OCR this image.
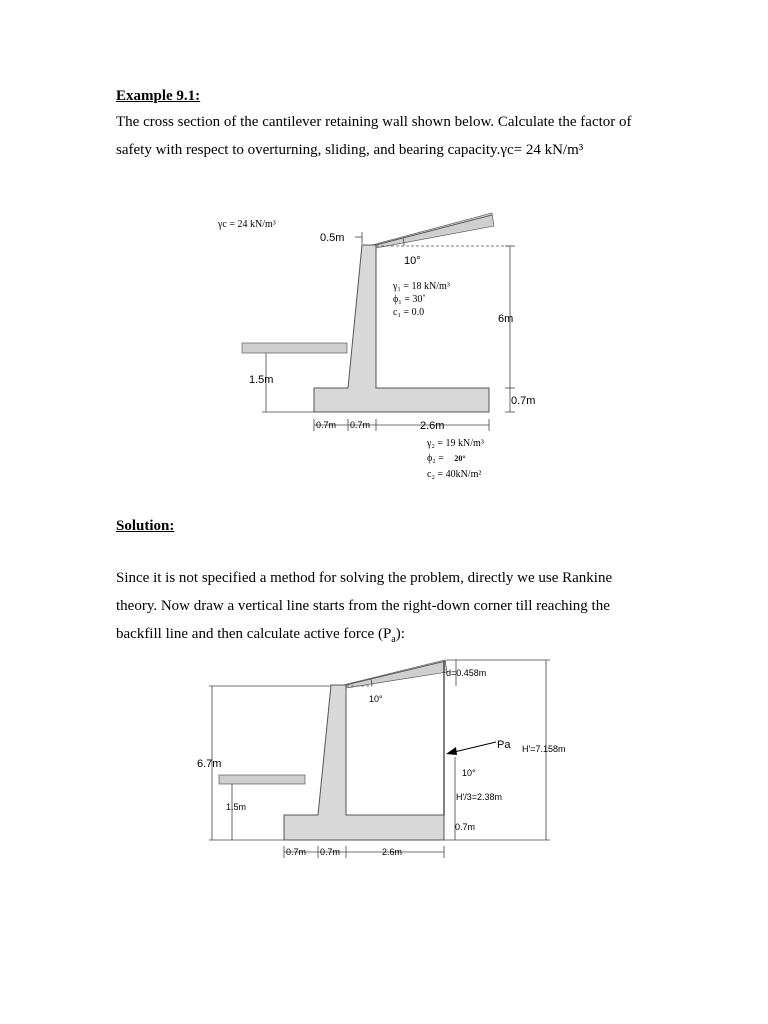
Example 9.1:
The cross section of the cantilever retaining wall shown below. Calculate the factor of
safety with respect to overturning, sliding, and bearing capacity.γc= 24 kN/m³
γc = 24 kN/m³
0.5m
10°
γ₁ = 18 kN/m³
ϕ₁ = 30˚
c₁ = 0.0
6m
1.5m
0.7m
0.7m 0.7m	2.6m
γ₂ = 19 kN/m³
ϕ₂ = 20°
c₂ = 40kN/m²
Solution:
Since it is not specified a method for solving the problem, directly we use Rankine
theory. Now draw a vertical line starts from the right-down corner till reaching the
backfill line and then calculate active force $(P_a)$:
d=0.458m
10°
Pa H'=7.158m
10°
H'/3=2.38m
6.7m
1.5m
0.7m
0.7m 0.7m	2.6m
